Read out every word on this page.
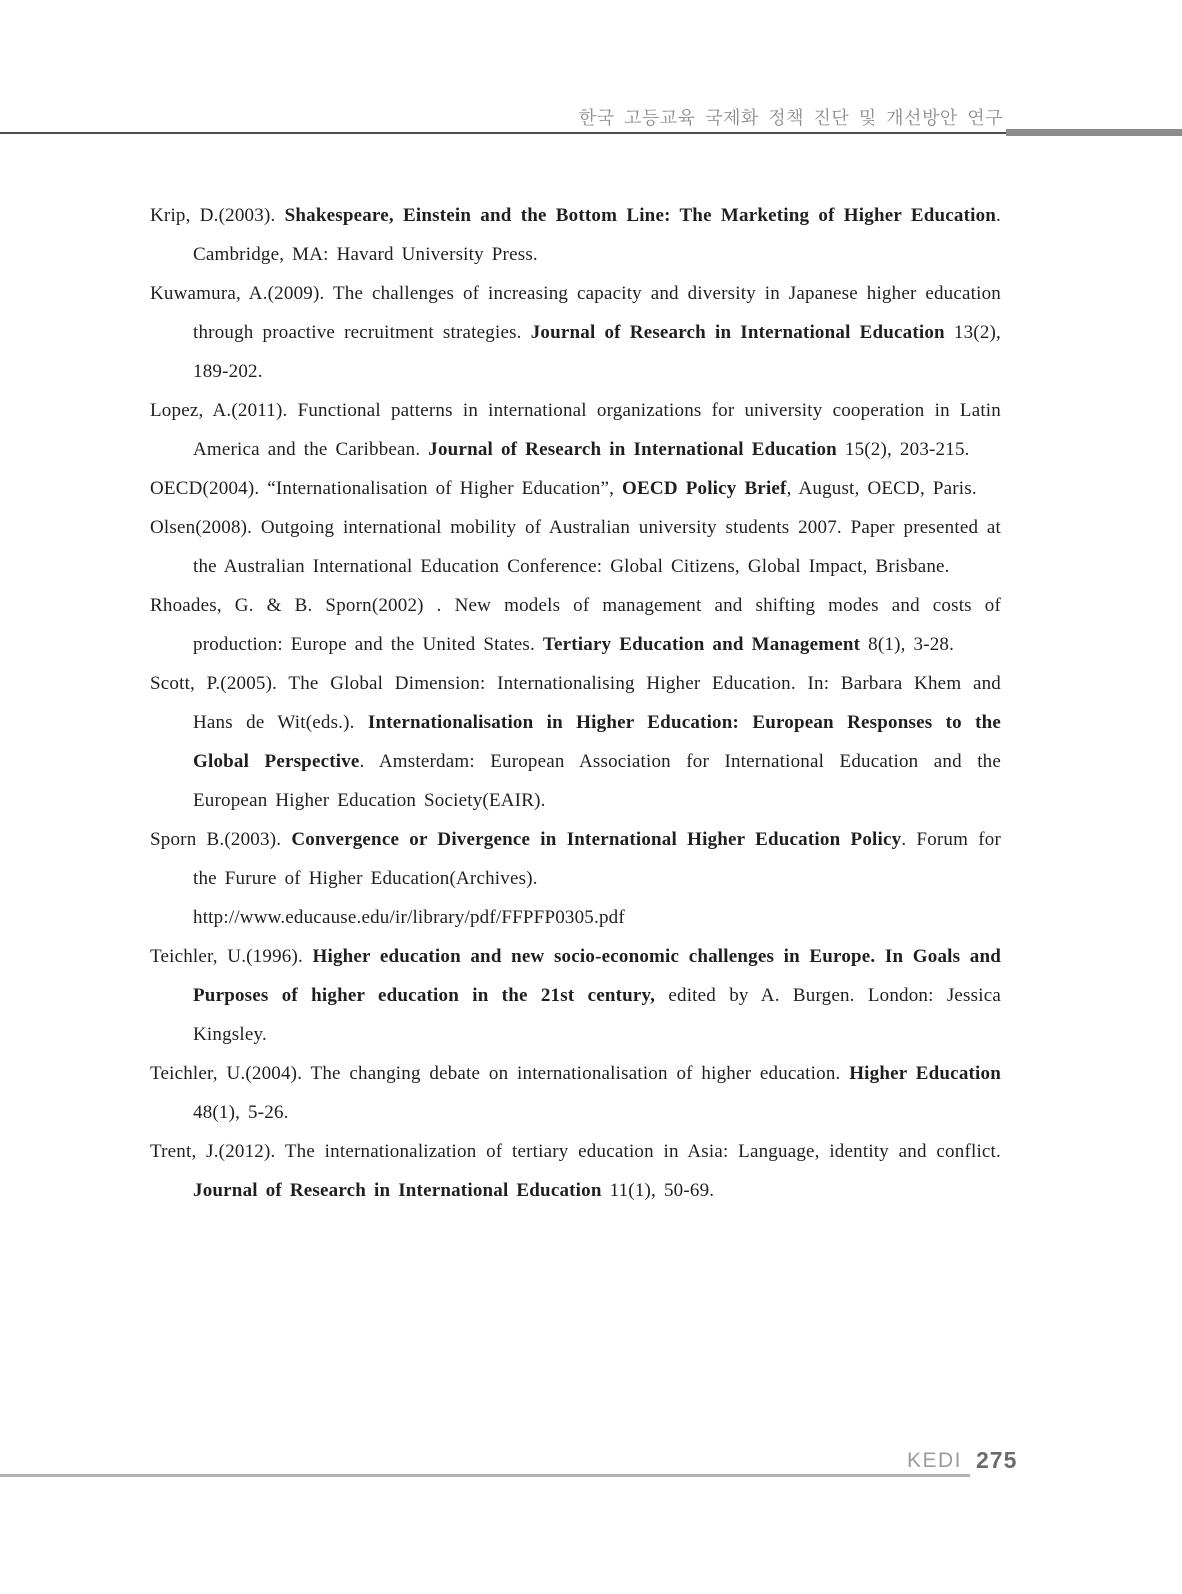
한국 고등교육 국제화 정책 진단 및 개선방안 연구

Krip, D.(2003). Shakespeare, Einstein and the Bottom Line: The Marketing of Higher Education. Cambridge, MA: Havard University Press.

Kuwamura, A.(2009). The challenges of increasing capacity and diversity in Japanese higher education through proactive recruitment strategies. Journal of Research in International Education 13(2), 189-202.

Lopez, A.(2011). Functional patterns in international organizations for university cooperation in Latin America and the Caribbean. Journal of Research in International Education 15(2), 203-215.

OECD(2004). “Internationalisation of Higher Education”, OECD Policy Brief, August, OECD, Paris.

Olsen(2008). Outgoing international mobility of Australian university students 2007. Paper presented at the Australian International Education Conference: Global Citizens, Global Impact, Brisbane.

Rhoades, G. & B. Sporn(2002) . New models of management and shifting modes and costs of production: Europe and the United States. Tertiary Education and Management 8(1), 3-28.

Scott, P.(2005). The Global Dimension: Internationalising Higher Education. In: Barbara Khem and Hans de Wit(eds.). Internationalisation in Higher Education: European Responses to the Global Perspective. Amsterdam: European Association for International Education and the European Higher Education Society(EAIR).

Sporn B.(2003). Convergence or Divergence in International Higher Education Policy. Forum for the Furure of Higher Education(Archives).
http://www.educause.edu/ir/library/pdf/FFPFP0305.pdf

Teichler, U.(1996). Higher education and new socio-economic challenges in Europe. In Goals and Purposes of higher education in the 21st century, edited by A. Burgen. London: Jessica Kingsley.

Teichler, U.(2004). The changing debate on internationalisation of higher education. Higher Education 48(1), 5-26.

Trent, J.(2012). The internationalization of tertiary education in Asia: Language, identity and conflict. Journal of Research in International Education 11(1), 50-69.

KEDI 275
